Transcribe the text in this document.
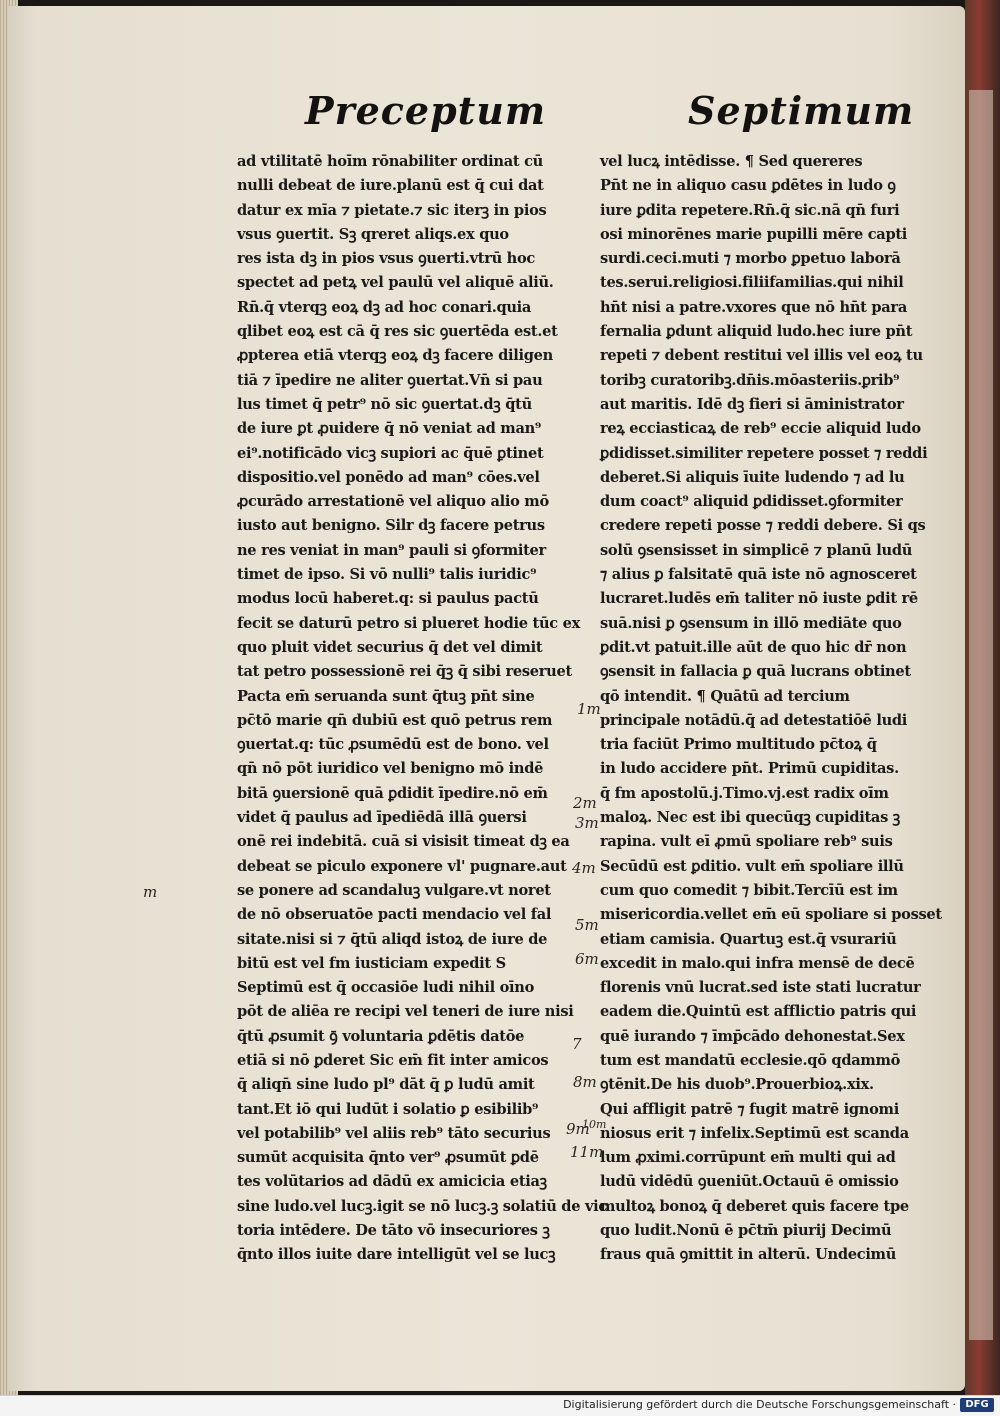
Preceptum	Septimum
ad vtilitatē hoīm rōnabiliter ordinat cū
nulli debeat de iure.planū est q̄ cui dat
datur ex mīa ⁊ pietate.⁊ sic iterꝫ in pios
vsus ꝯuertit. Sꝫ qreret aliqs.ex quo
res ista dꝫ in pios vsus ꝯuerti.vtrū hoc
spectet ad petꝝ vel paulū vel aliquē aliū.
Rn̄.q̄ vterqꝫ eoꝝ dꝫ ad hoc conari.quia
qlibet eoꝝ est cā q̄ res sic ꝯuertēda est.et
ꝓpterea etiā vterqꝫ eoꝝ dꝫ facere diligen
tiā ⁊ īpedire ne aliter ꝯuertat.Vn̄ si pau
lus timet q̄ petr⁹ nō sic ꝯuertat.dꝫ q̄tū
de iure ꝑt ꝓuidere q̄ nō veniat ad man⁹
ei⁹.notificādo vicꝫ supiori ac q̄uē ꝑtinet
dispositio.vel ponēdo ad man⁹ cōes.vel
ꝓcurādo arrestationē vel aliquo alio mō
iusto aut benigno. Silr dꝫ facere petrus
ne res veniat in man⁹ pauli si ꝯformiter
timet de ipso. Si vō nulli⁹ talis iuridic⁹
modus locū haberet.q: si paulus pactū
fecit se daturū petro si plueret hodie tūc ex
quo pluit videt securius q̄ det vel dimit
tat petro possessionē rei q̄ꝫ q̄ sibi reseruet
Pacta em̄ seruanda sunt q̄tuꝫ pn̄t sine
pc̄tō marie qn̄ dubiū est quō petrus rem
ꝯuertat.q: tūc ꝓsumēdū est de bono. vel
qn̄ nō pōt iuridico vel benigno mō indē
bitā ꝯuersionē quā ꝑdidit īpedire.nō em̄
videt q̄ paulus ad īpediēdā illā ꝯuersi
onē rei indebitā. cuā si visisit timeat dꝫ ea
debeat se piculo exponere vl' pugnare.aut
se ponere ad scandaluꝫ vulgare.vt noret
de nō obseruatōe pacti mendacio vel fal
sitate.nisi si ⁊ q̄tū aliqd istoꝝ de iure de
bitū est vel fm iusticiam expedit S
Septimū est q̄ occasiōe ludi nihil oīno
pōt de aliēa re recipi vel teneri de iure nisi
q̄tū ꝓsumit ꝯ̄ voluntaria ꝑdētis datōe
etiā si nō ꝑderet Sic em̄ fit inter amicos
q̄ aliqn̄ sine ludo pl⁹ dāt q̄ ꝑ ludū amit
tant.Et iō qui ludūt i solatio ꝑ esibilib⁹
vel potabilib⁹ vel aliis reb⁹ tāto securius
sumūt acquisita q̄nto ver⁹ ꝓsumūt ꝑdē
tes volūtarios ad dādū ex amicicia etiaꝫ
sine ludo.vel lucꝫ.igit se nō lucꝫ.ꝫ solatiū de vic
toria intēdere. De tāto vō insecuriores ꝫ
q̄nto illos iuite dare intelligūt vel se lucꝫ
vel lucꝝ intēdisse. ¶ Sed quereres
Pn̄t ne in aliquo casu ꝑdētes in ludo ꝯ
iure ꝑdita repetere.Rn̄.q̄ sic.nā qn̄ furi
osi minorēnes marie pupilli mēre capti
surdi.ceci.muti ⁊ morbo ꝑpetuo laborā
tes.serui.religiosi.filiifamilias.qui nihil
hn̄t nisi a patre.vxores que nō hn̄t para
fernalia ꝑdunt aliquid ludo.hec iure pn̄t
repeti ⁊ debent restitui vel illis vel eoꝝ tu
toribꝫ curatoribꝫ.dn̄is.mōasteriis.ꝑrib⁹
aut maritis. Idē dꝫ fieri si āministrator
reꝝ ecciasticaꝝ de reb⁹ eccie aliquid ludo
ꝑdidisset.similiter repetere posset ⁊ reddi
deberet.Si aliquis īuite ludendo ⁊ ad lu
dum coact⁹ aliquid ꝑdidisset.ꝯformiter
credere repeti posse ⁊ reddi debere. Si qs
solū ꝯsensisset in simplicē ⁊ planū ludū
⁊ alius ꝑ falsitatē quā iste nō agnosceret
lucraret.ludēs em̄ taliter nō iuste ꝑdit rē
suā.nisi ꝑ ꝯsensum in illō mediāte quo
ꝑdit.vt patuit.ille aūt de quo hic dr̄ non
ꝯsensit in fallacia ꝑ quā lucrans obtinet
qō intendit. ¶ Quātū ad tercium
principale notādū.q̄ ad detestatiōē ludi
tria faciūt Primo multitudo pc̄toꝝ q̄
in ludo accidere pn̄t. Primū cupiditas.
q̄ fm apostolū.j.Timo.vj.est radix oīm
maloꝝ. Nec est ibi quecūqꝫ cupiditas ꝫ
rapina. vult eī ꝓmū spoliare reb⁹ suis
Secūdū est ꝑditio. vult em̄ spoliare illū
cum quo comedit ⁊ bibit.Tercīū est im
misericordia.vellet em̄ eū spoliare si posset
etiam camisia. Quartuꝫ est.q̄ vsurariū
excedit in malo.qui infra mensē de decē
florenis vnū lucrat.sed iste stati lucratur
eadem die.Quintū est afflictio patris qui
quē iurando ⁊ īmp̄cādo dehonestat.Sex
tum est mandatū ecclesie.qō qdammō
ꝯtēnit.De his duob⁹.Prouerbioꝝ.xix.
Qui affligit patrē ⁊ fugit matrē ignomi
niosus erit ⁊ infelix.Septimū est scanda
lum ꝓximi.corrūpunt em̄ multi qui ad
ludū vidēdū ꝯueniūt.Octauū ē omissio
multoꝝ bonoꝝ q̄ deberet quis facere tpe
quo ludit.Nonū ē pc̄tm̄ piurij Decimū
fraus quā ꝯmittit in alterū. Undecimū
1m
2m
3m
4m
5m
6m
7
8m
9m
10m
11m
m
Digitalisierung gefördert durch die Deutsche Forschungsgemeinschaft · DFG
